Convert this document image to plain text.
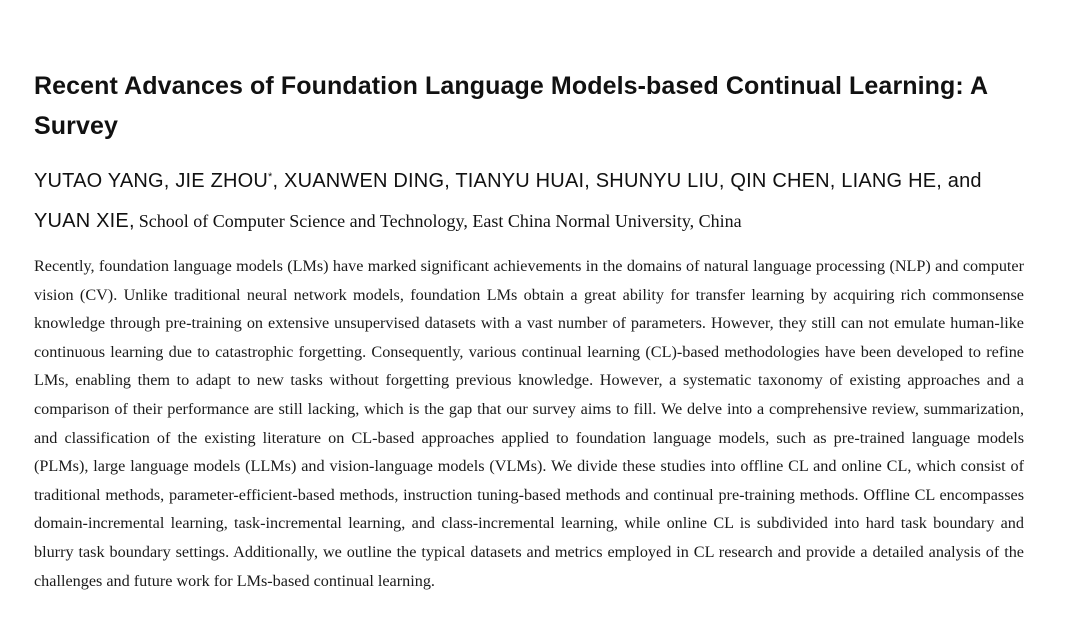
Recent Advances of Foundation Language Models-based Continual Learning: A Survey
YUTAO YANG, JIE ZHOU*, XUANWEN DING, TIANYU HUAI, SHUNYU LIU, QIN CHEN, LIANG HE, and YUAN XIE, School of Computer Science and Technology, East China Normal University, China

Recently, foundation language models (LMs) have marked significant achievements in the domains of natural language processing (NLP) and computer vision (CV). Unlike traditional neural network models, foundation LMs obtain a great ability for transfer learning by acquiring rich commonsense knowledge through pre-training on extensive unsupervised datasets with a vast number of parameters. However, they still can not emulate human-like continuous learning due to catastrophic forgetting. Consequently, various continual learning (CL)-based methodologies have been developed to refine LMs, enabling them to adapt to new tasks without forgetting previous knowledge. However, a systematic taxonomy of existing approaches and a comparison of their performance are still lacking, which is the gap that our survey aims to fill. We delve into a comprehensive review, summarization, and classification of the existing literature on CL-based approaches applied to foundation language models, such as pre-trained language models (PLMs), large language models (LLMs) and vision-language models (VLMs). We divide these studies into offline CL and online CL, which consist of traditional methods, parameter-efficient-based methods, instruction tuning-based methods and continual pre-training methods. Offline CL encompasses domain-incremental learning, task-incremental learning, and class-incremental learning, while online CL is subdivided into hard task boundary and blurry task boundary settings. Additionally, we outline the typical datasets and metrics employed in CL research and provide a detailed analysis of the challenges and future work for LMs-based continual learning.
